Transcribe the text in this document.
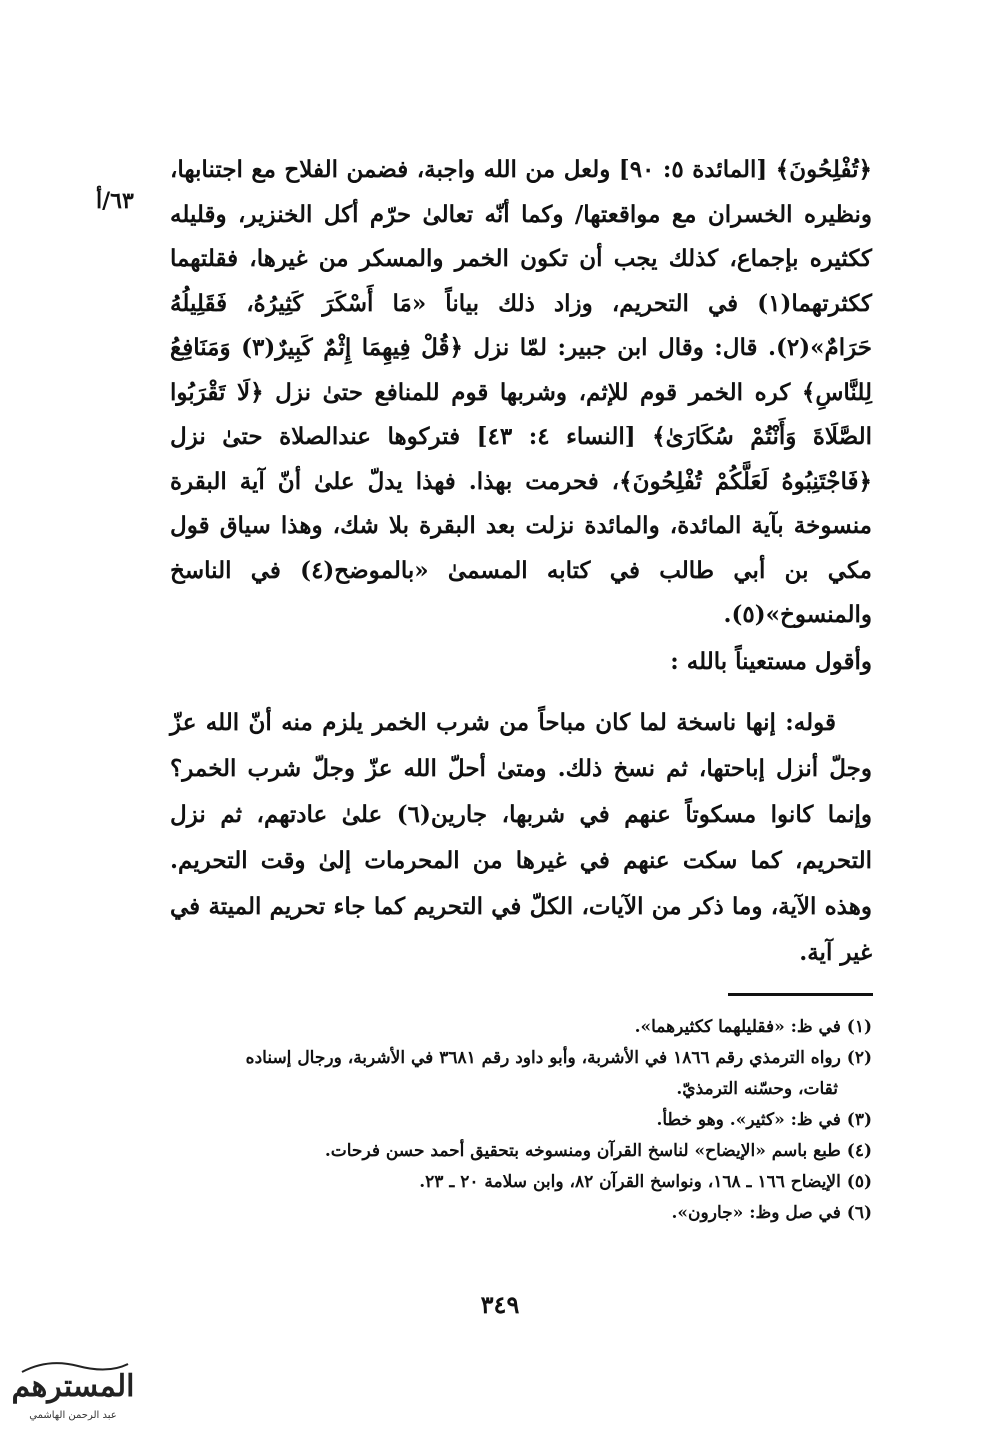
٦٣/أ

﴿تُفْلِحُونَ﴾ [المائدة ٥: ٩٠] ولعل من الله واجبة، فضمن الفلاح مع اجتنابها، ونظيره الخسران مع مواقعتها/ وكما أنّه تعالىٰ حرّم أكل الخنزير، وقليله ككثيره بإجماع، كذلك يجب أن تكون الخمر والمسكر من غيرها، فقلتهما ككثرتهما(١) في التحريم، وزاد ذلك بياناً «مَا أَسْكَرَ كَثِيرُهُ، فَقَلِيلُهُ حَرَامٌ»(٢). قال: وقال ابن جبير: لمّا نزل ﴿قُلْ فِيهِمَا إِثْمٌ كَبِيرٌ(٣) وَمَنَافِعُ لِلنَّاسِ﴾ كره الخمر قوم للإثم، وشربها قوم للمنافع حتىٰ نزل ﴿لَا تَقْرَبُوا الصَّلَاةَ وَأَنْتُمْ سُكَارَىٰ﴾ [النساء ٤: ٤٣] فتركوها عندالصلاة حتىٰ نزل ﴿فَاجْتَنِبُوهُ لَعَلَّكُمْ تُفْلِحُونَ﴾، فحرمت بهذا. فهذا يدلّ علىٰ أنّ آية البقرة منسوخة بآية المائدة، والمائدة نزلت بعد البقرة بلا شك، وهذا سياق قول مكي بن أبي طالب في كتابه المسمىٰ «بالموضح(٤) في الناسخ والمنسوخ»(٥).

وأقول مستعيناً بالله :
قوله: إنها ناسخة لما كان مباحاً من شرب الخمر يلزم منه أنّ الله عزّ وجلّ أنزل إباحتها، ثم نسخ ذلك. ومتىٰ أحلّ الله عزّ وجلّ شرب الخمر؟ وإنما كانوا مسكوتاً عنهم في شربها، جارين(٦) علىٰ عادتهم، ثم نزل التحريم، كما سكت عنهم في غيرها من المحرمات إلىٰ وقت التحريم. وهذه الآية، وما ذكر من الآيات، الكلّ في التحريم كما جاء تحريم الميتة في غير آية.

(١) في ظ: «فقليلهما ككثيرهما».

(٢) رواه الترمذي رقم ١٨٦٦ في الأشربة، وأبو داود رقم ٣٦٨١ في الأشربة، ورجال إسناده
ثقات، وحسّنه الترمذيّ.

(٣) في ظ: «كثير». وهو خطأ.

(٤) طبع باسم «الإيضاح» لناسخ القرآن ومنسوخه بتحقيق أحمد حسن فرحات.

(٥) الإيضاح ١٦٦ ـ ١٦٨، ونواسخ القرآن ٨٢، وابن سلامة ٢٠ ـ ٢٣.

(٦) في صل وظ: «جارون».

٣٤٩
المسترهم
عبد الرحمن الهاشمي
